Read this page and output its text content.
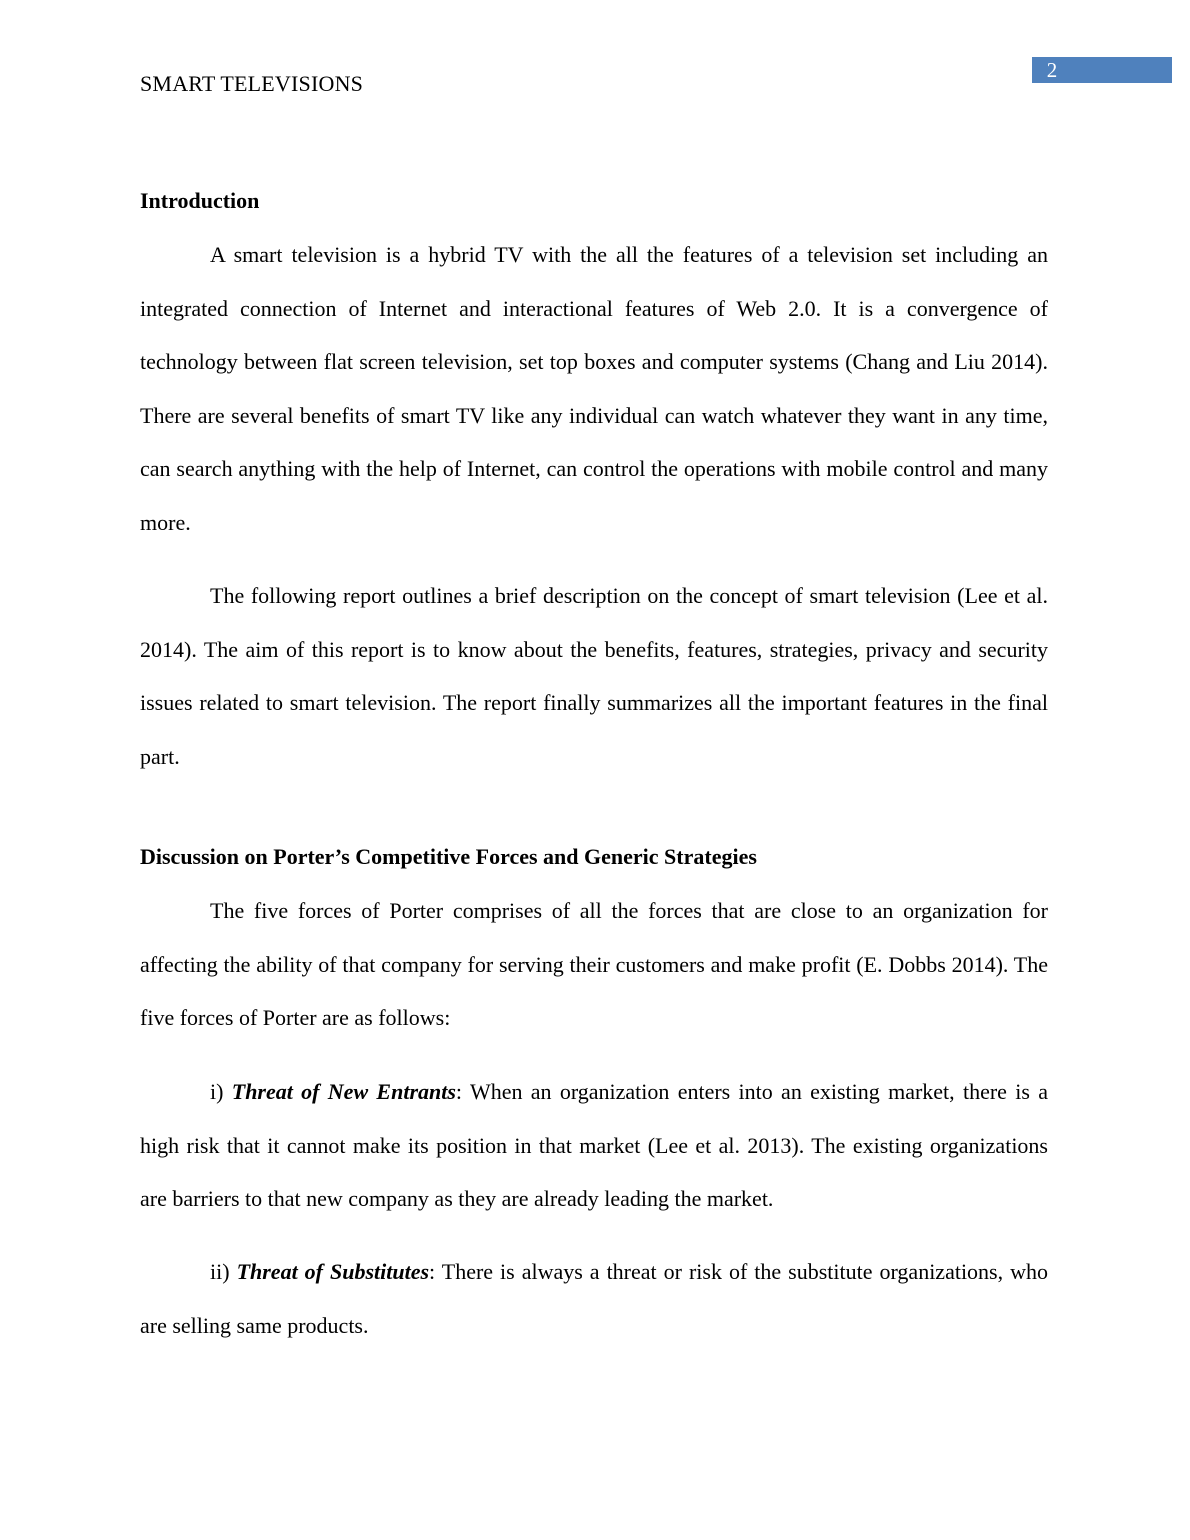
2
SMART TELEVISIONS
Introduction

A smart television is a hybrid TV with the all the features of a television set including an integrated connection of Internet and interactional features of Web 2.0. It is a convergence of technology between flat screen television, set top boxes and computer systems (Chang and Liu 2014). There are several benefits of smart TV like any individual can watch whatever they want in any time, can search anything with the help of Internet, can control the operations with mobile control and many more.

The following report outlines a brief description on the concept of smart television (Lee et al. 2014). The aim of this report is to know about the benefits, features, strategies, privacy and security issues related to smart television. The report finally summarizes all the important features in the final part.

Discussion on Porter’s Competitive Forces and Generic Strategies

The five forces of Porter comprises of all the forces that are close to an organization for affecting the ability of that company for serving their customers and make profit (E. Dobbs 2014). The five forces of Porter are as follows:

i) Threat of New Entrants: When an organization enters into an existing market, there is a high risk that it cannot make its position in that market (Lee et al. 2013). The existing organizations are barriers to that new company as they are already leading the market.

ii) Threat of Substitutes: There is always a threat or risk of the substitute organizations, who are selling same products.
